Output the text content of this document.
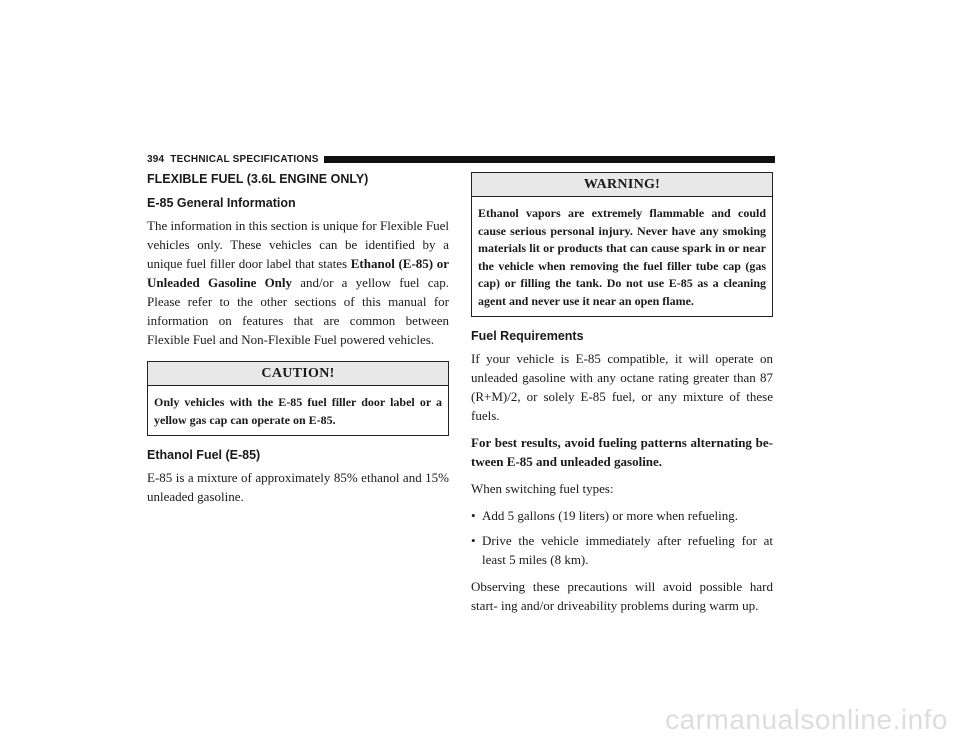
394 TECHNICAL SPECIFICATIONS
FLEXIBLE FUEL (3.6L ENGINE ONLY)
E-85 General Information

The information in this section is unique for Flexible Fuel vehicles only. These vehicles can be identified by a unique fuel filler door label that states Ethanol (E-85) or Unleaded Gasoline Only and/or a yellow fuel cap. Please refer to the other sections of this manual for information on features that are common between Flexible Fuel and Non-Flexible Fuel powered vehicles.

CAUTION!
Only vehicles with the E-85 fuel filler door label or a yellow gas cap can operate on E-85.
Ethanol Fuel (E-85)

E-85 is a mixture of approximately 85% ethanol and 15% unleaded gasoline.

WARNING!
Ethanol vapors are extremely flammable and could cause serious personal injury. Never have any smoking materials lit or products that can cause spark in or near the vehicle when removing the fuel filler tube cap (gas cap) or filling the tank. Do not use E-85 as a cleaning agent and never use it near an open flame.
Fuel Requirements

If your vehicle is E-85 compatible, it will operate on unleaded gasoline with any octane rating greater than 87 (R+M)/2, or solely E-85 fuel, or any mixture of these fuels.

For best results, avoid fueling patterns alternating be- tween E-85 and unleaded gasoline.

When switching fuel types:

• Add 5 gallons (19 liters) or more when refueling.
• Drive the vehicle immediately after refueling for at least 5 miles (8 km).

Observing these precautions will avoid possible hard start- ing and/or driveability problems during warm up.

carmanualsonline.info
